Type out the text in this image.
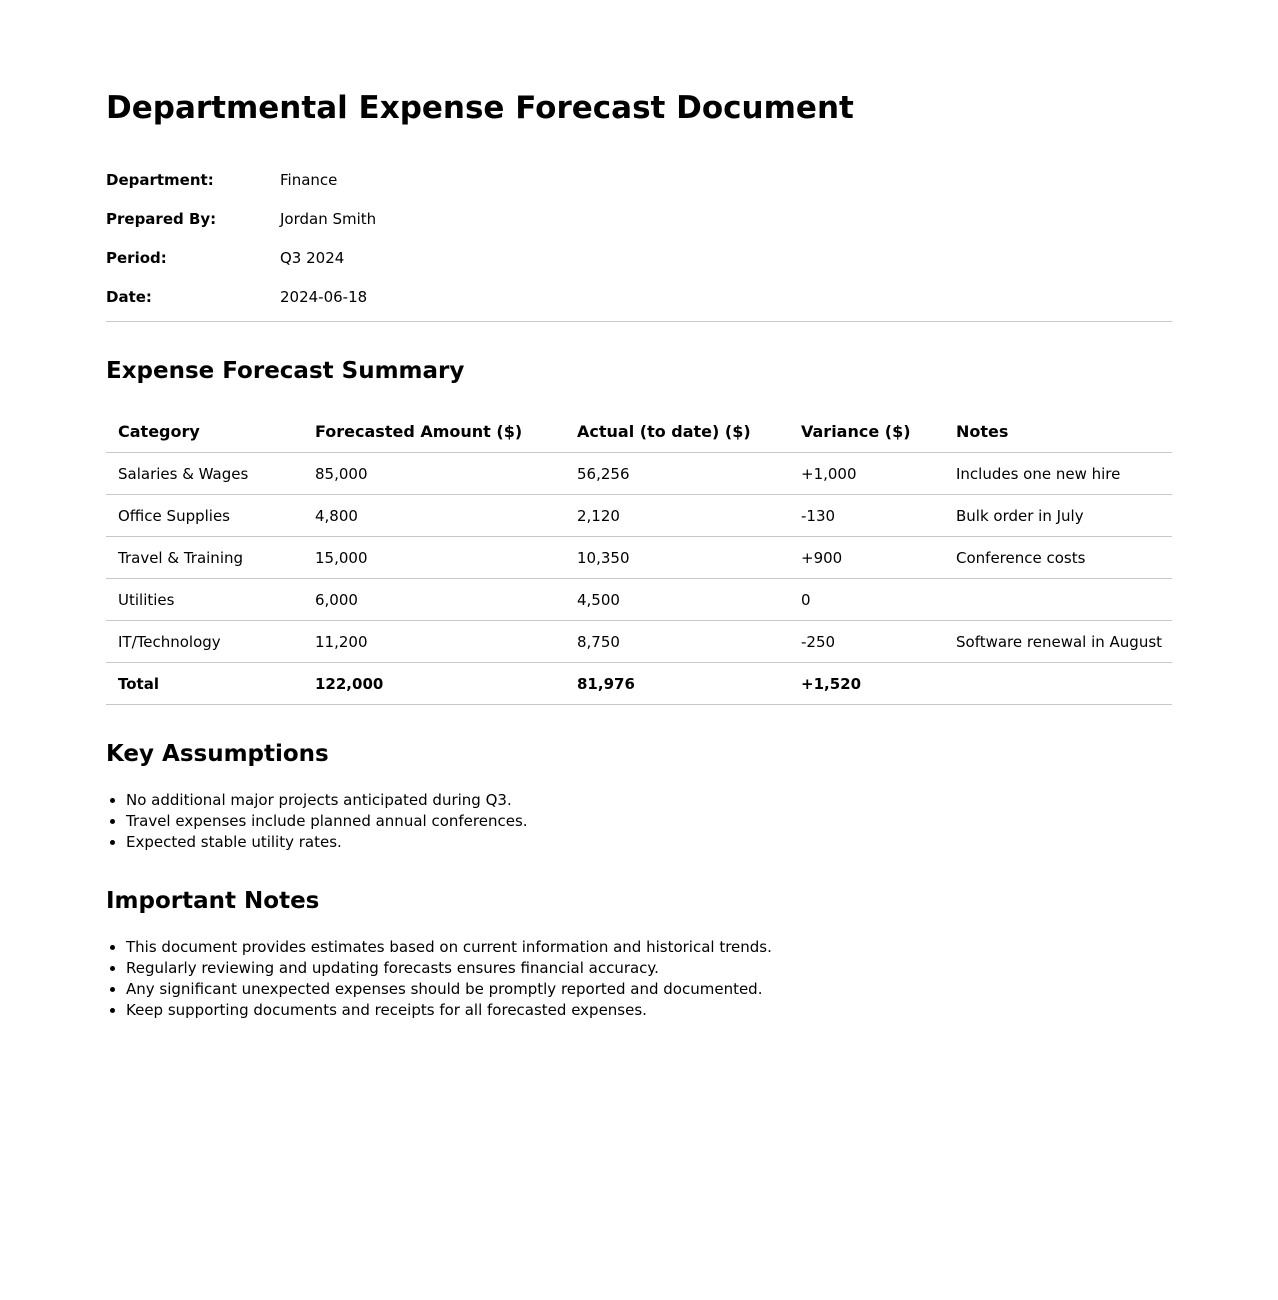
Departmental Expense Forecast Document
Department:	Finance
Prepared By:	Jordan Smith
Period:	Q3 2024
Date:	2024-06-18
Expense Forecast Summary
Category	Forecasted Amount ($)	Actual (to date) ($)	Variance ($)	Notes
Salaries & Wages	85,000	56,256	+1,000	Includes one new hire
Office Supplies	4,800	2,120	-130	Bulk order in July
Travel & Training	15,000	10,350	+900	Conference costs
Utilities	6,000	4,500	0	
IT/Technology	11,200	8,750	-250	Software renewal in August
Total	122,000	81,976	+1,520	
Key Assumptions
• No additional major projects anticipated during Q3.
• Travel expenses include planned annual conferences.
• Expected stable utility rates.
Important Notes
• This document provides estimates based on current information and historical trends.
• Regularly reviewing and updating forecasts ensures financial accuracy.
• Any significant unexpected expenses should be promptly reported and documented.
• Keep supporting documents and receipts for all forecasted expenses.
